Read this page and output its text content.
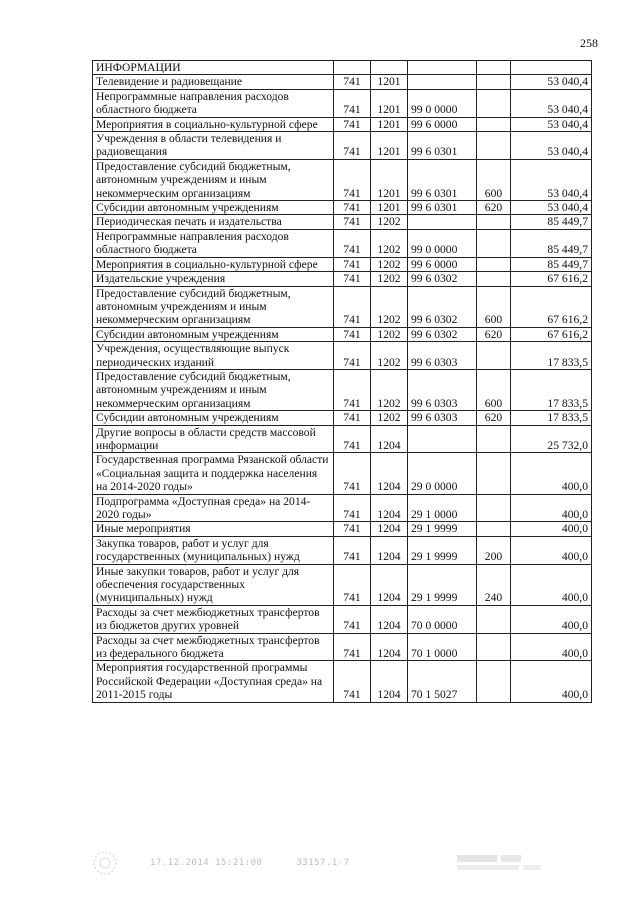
258
ИНФОРМАЦИИ					
Телевидение и радиовещание	741	1201			53 040,4
Непрограммные направления расходов областного бюджета	741	1201	99 0 0000		53 040,4
Мероприятия в социально-культурной сфере	741	1201	99 6 0000		53 040,4
Учреждения в области телевидения и радиовещания	741	1201	99 6 0301		53 040,4
Предоставление субсидий бюджетным, автономным учреждениям и иным некоммерческим организациям	741	1201	99 6 0301	600	53 040,4
Субсидии автономным учреждениям	741	1201	99 6 0301	620	53 040,4
Периодическая печать и издательства	741	1202			85 449,7
Непрограммные направления расходов областного бюджета	741	1202	99 0 0000		85 449,7
Мероприятия в социально-культурной сфере	741	1202	99 6 0000		85 449,7
Издательские учреждения	741	1202	99 6 0302		67 616,2
Предоставление субсидий бюджетным, автономным учреждениям и иным некоммерческим организациям	741	1202	99 6 0302	600	67 616,2
Субсидии автономным учреждениям	741	1202	99 6 0302	620	67 616,2
Учреждения, осуществляющие выпуск периодических изданий	741	1202	99 6 0303		17 833,5
Предоставление субсидий бюджетным, автономным учреждениям и иным некоммерческим организациям	741	1202	99 6 0303	600	17 833,5
Субсидии автономным учреждениям	741	1202	99 6 0303	620	17 833,5
Другие вопросы в области средств массовой информации	741	1204			25 732,0
Государственная программа Рязанской области «Социальная защита и поддержка населения на 2014-2020 годы»	741	1204	29 0 0000		400,0
Подпрограмма «Доступная среда» на 2014-2020 годы»	741	1204	29 1 0000		400,0
Иные мероприятия	741	1204	29 1 9999		400,0
Закупка товаров, работ и услуг для государственных (муниципальных) нужд	741	1204	29 1 9999	200	400,0
Иные закупки товаров, работ и услуг для обеспечения государственных (муниципальных) нужд	741	1204	29 1 9999	240	400,0
Расходы за счет межбюджетных трансфертов из бюджетов других уровней	741	1204	70 0 0000		400,0
Расходы за счет межбюджетных трансфертов из федерального бюджета	741	1204	70 1 0000		400,0
Мероприятия государственной программы Российской Федерации «Доступная среда» на 2011-2015 годы	741	1204	70 1 5027		400,0
17.12.2014 15:21:00	33157.1-7
